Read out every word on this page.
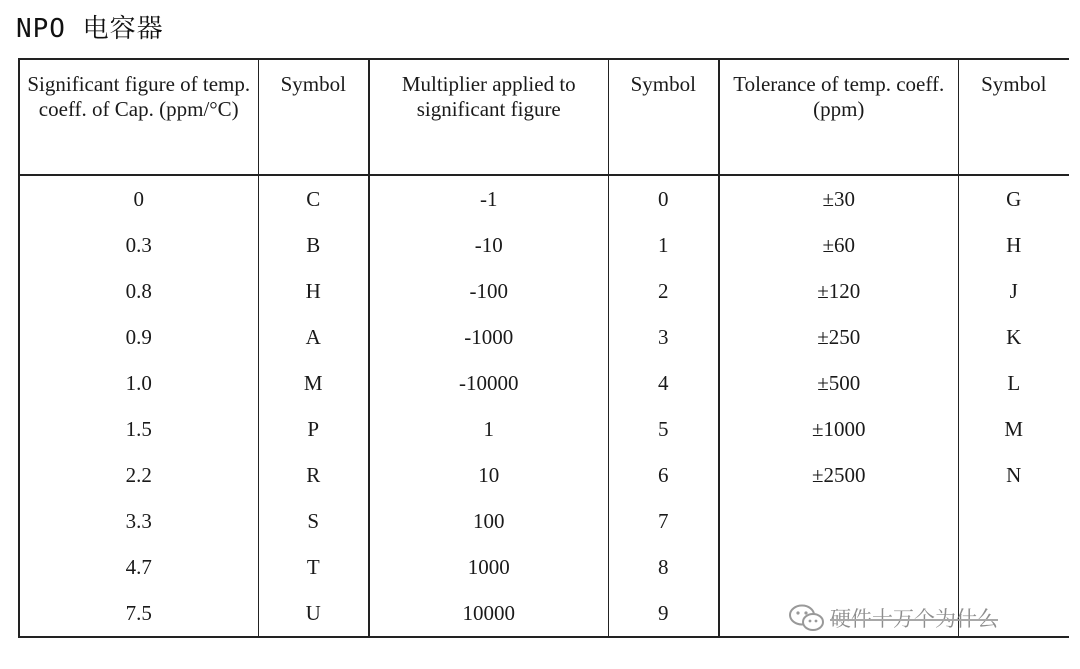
NPO 电容器
Significant figure of temp. coeff. of Cap. (ppm/°C)	Symbol	Multiplier applied to significant figure	Symbol	Tolerance of temp. coeff. (ppm)	Symbol
0	C	-1	0	±30	G
0.3	B	-10	1	±60	H
0.8	H	-100	2	±120	J
0.9	A	-1000	3	±250	K
1.0	M	-10000	4	±500	L
1.5	P	1	5	±1000	M
2.2	R	10	6	±2500	N
3.3	S	100	7		
4.7	T	1000	8		
7.5	U	10000	9			硬件十万个为什么
